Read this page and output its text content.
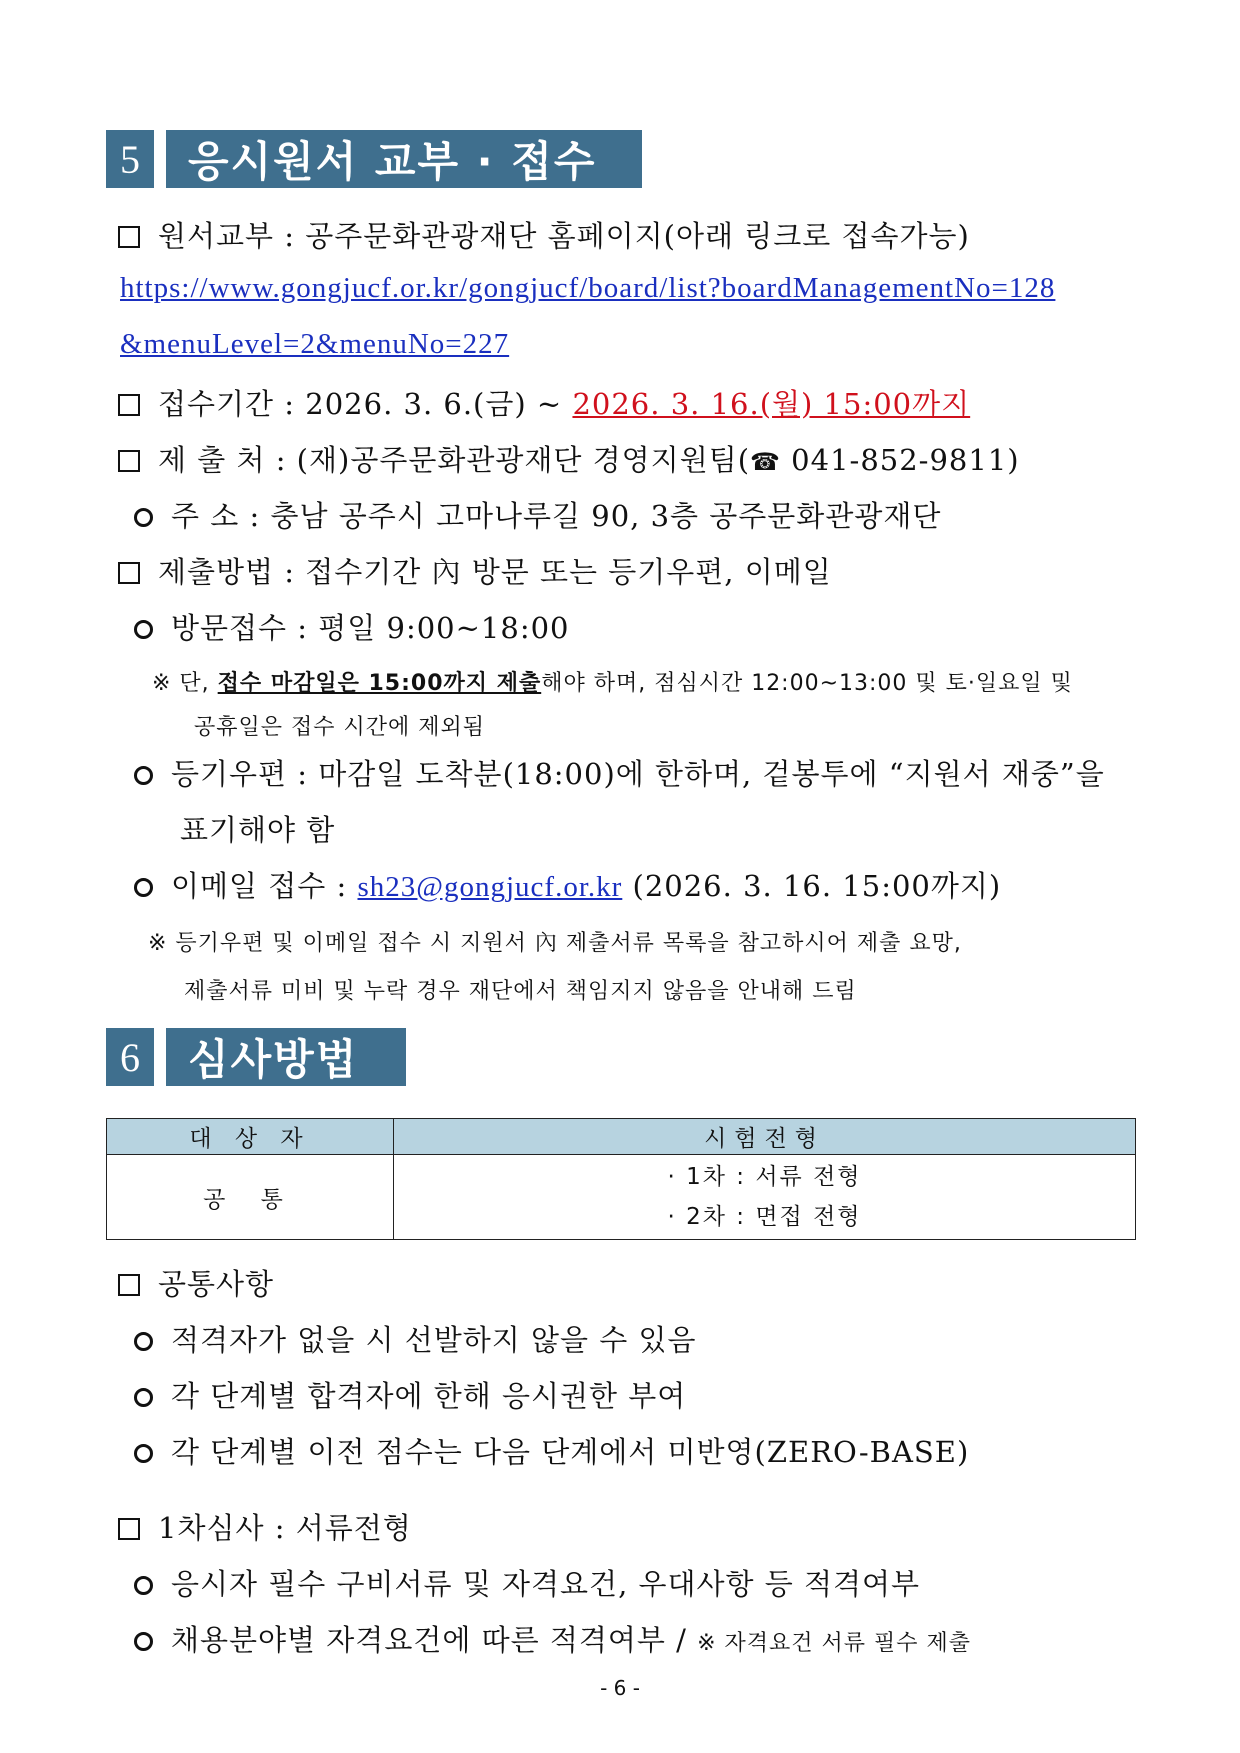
5	응시원서 교부 · 접수
원서교부 : 공주문화관광재단 홈페이지(아래 링크로 접속가능)
https://www.gongjucf.or.kr/gongjucf/board/list?boardManagementNo=128
&menuLevel=2&menuNo=227
접수기간 : 2026. 3. 6.(금) ~ 2026. 3. 16.(월) 15:00까지
제 출 처 : (재)공주문화관광재단 경영지원팀(☎ 041-852-9811)
주 소 : 충남 공주시 고마나루길 90, 3층 공주문화관광재단
제출방법 : 접수기간 內 방문 또는 등기우편, 이메일
방문접수 : 평일 9:00~18:00
※ 단, 접수 마감일은 15:00까지 제출해야 하며, 점심시간 12:00~13:00 및 토·일요일 및
공휴일은 접수 시간에 제외됨
등기우편 : 마감일 도착분(18:00)에 한하며, 겉봉투에 “지원서 재중”을
표기해야 함
이메일 접수 : sh23@gongjucf.or.kr (2026. 3. 16. 15:00까지)
※ 등기우편 및 이메일 접수 시 지원서 內 제출서류 목록을 참고하시어 제출 요망,
제출서류 미비 및 누락 경우 재단에서 책임지지 않음을 안내해 드림
6	심사방법
대 상 자	시험전형
공 통	· 1차 : 서류 전형
· 2차 : 면접 전형
공통사항
적격자가 없을 시 선발하지 않을 수 있음
각 단계별 합격자에 한해 응시권한 부여
각 단계별 이전 점수는 다음 단계에서 미반영(ZERO-BASE)
1차심사 : 서류전형
응시자 필수 구비서류 및 자격요건, 우대사항 등 적격여부
채용분야별 자격요건에 따른 적격여부 / ※ 자격요건 서류 필수 제출
- 6 -
